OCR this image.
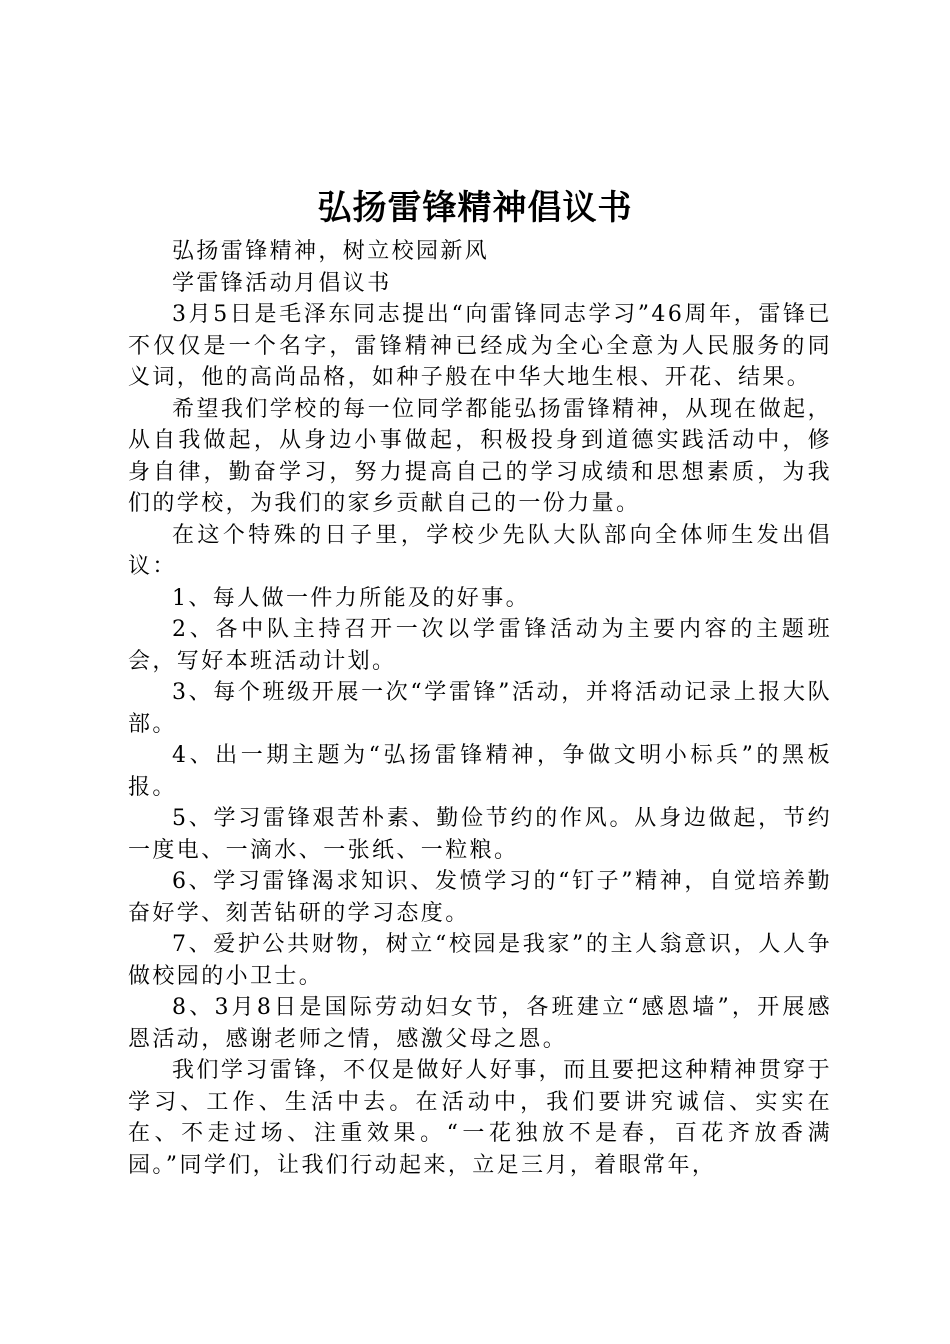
弘扬雷锋精神倡议书

弘扬雷锋精神，树立校园新风

学雷锋活动月倡议书

3月5日是毛泽东同志提出“向雷锋同志学习”46周年，雷锋已不仅仅是一个名字，雷锋精神已经成为全心全意为人民服务的同义词，他的高尚品格，如种子般在中华大地生根、开花、结果。

希望我们学校的每一位同学都能弘扬雷锋精神，从现在做起，从自我做起，从身边小事做起，积极投身到道德实践活动中，修身自律，勤奋学习，努力提高自己的学习成绩和思想素质，为我们的学校，为我们的家乡贡献自己的一份力量。

在这个特殊的日子里，学校少先队大队部向全体师生发出倡议：

1、每人做一件力所能及的好事。

2、各中队主持召开一次以学雷锋活动为主要内容的主题班会，写好本班活动计划。

3、每个班级开展一次“学雷锋”活动，并将活动记录上报大队部。

4、出一期主题为“弘扬雷锋精神，争做文明小标兵”的黑板报。

5、学习雷锋艰苦朴素、勤俭节约的作风。从身边做起，节约一度电、一滴水、一张纸、一粒粮。

6、学习雷锋渴求知识、发愤学习的“钉子”精神，自觉培养勤奋好学、刻苦钻研的学习态度。

7、爱护公共财物，树立“校园是我家”的主人翁意识，人人争做校园的小卫士。

8、3月8日是国际劳动妇女节，各班建立“感恩墙”，开展感恩活动，感谢老师之情，感激父母之恩。

我们学习雷锋，不仅是做好人好事，而且要把这种精神贯穿于学习、工作、生活中去。在活动中，我们要讲究诚信、实实在在、不走过场、注重效果。“一花独放不是春，百花齐放香满园。”同学们，让我们行动起来，立足三月，着眼常年，
